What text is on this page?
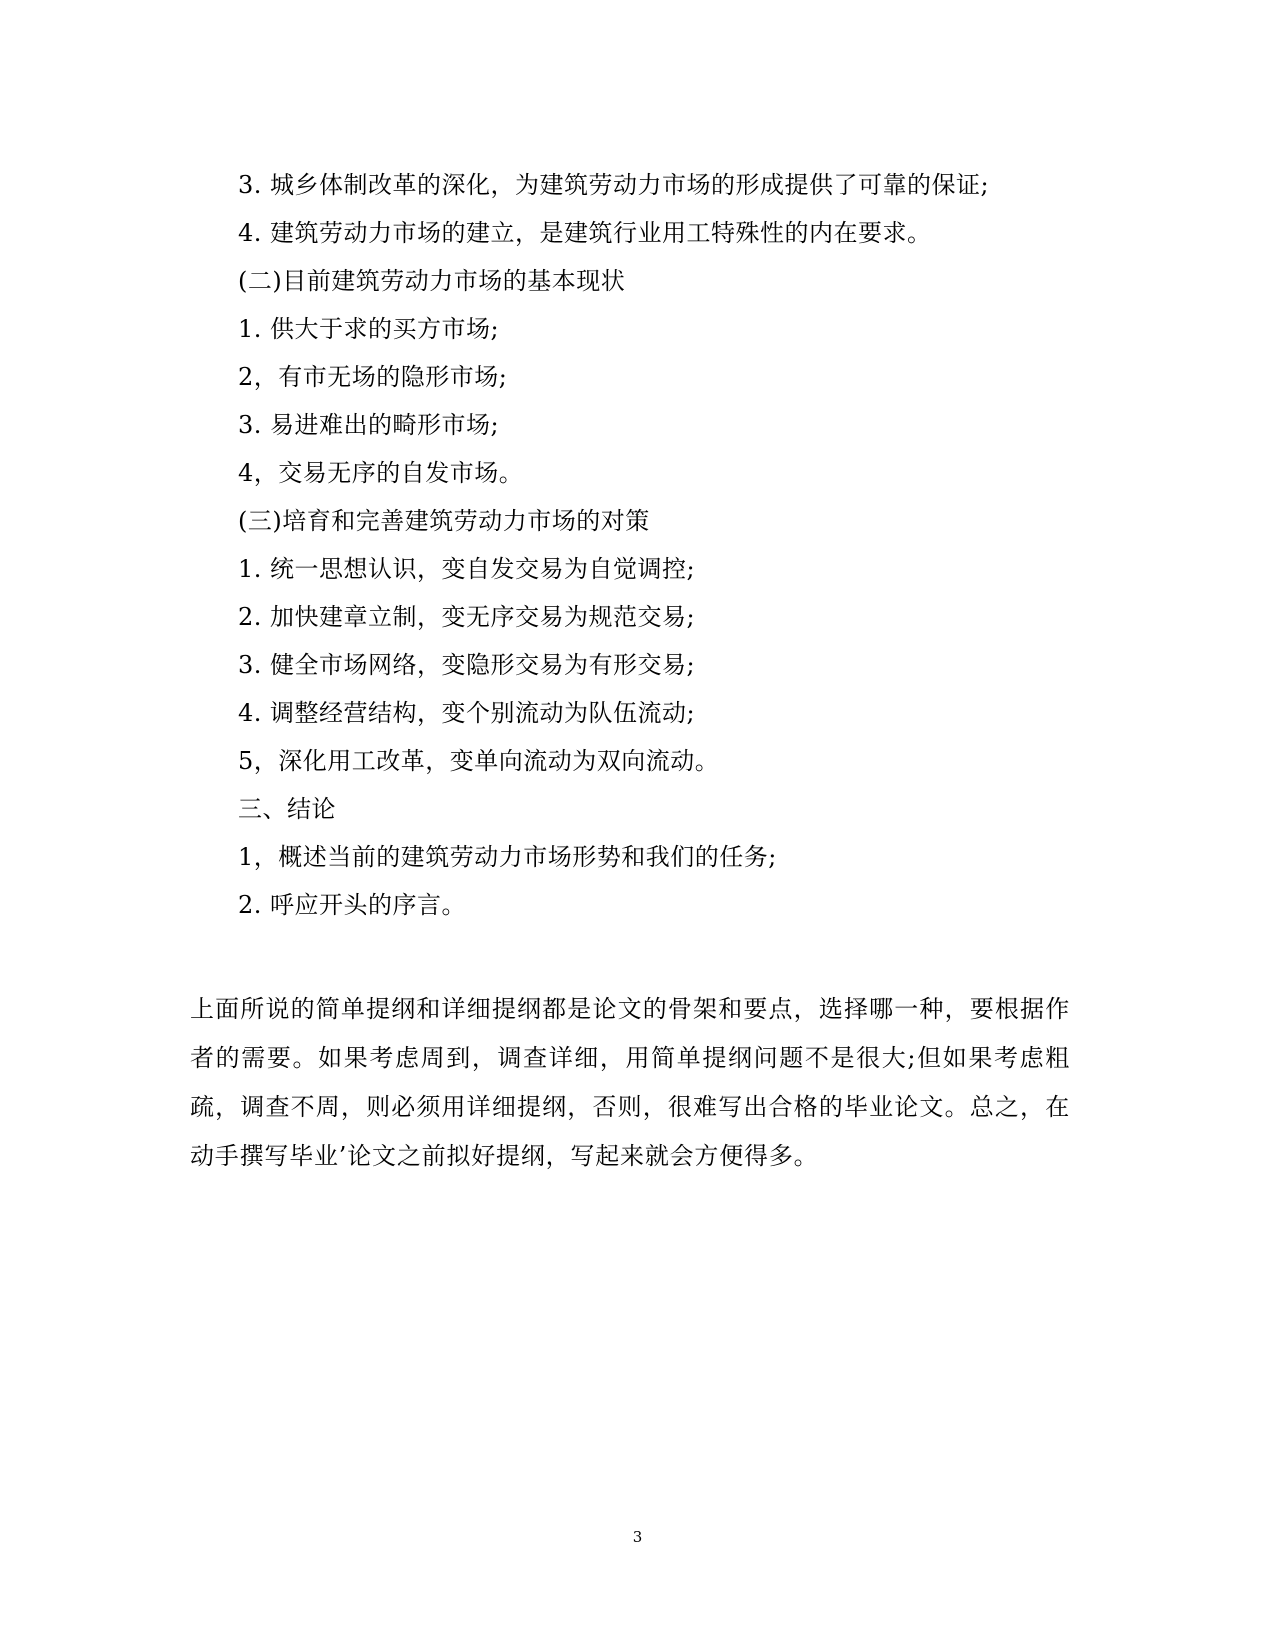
3. 城乡体制改革的深化，为建筑劳动力市场的形成提供了可靠的保证;
4. 建筑劳动力市场的建立，是建筑行业用工特殊性的内在要求。
(二)目前建筑劳动力市场的基本现状
1. 供大于求的买方市场;
2，有市无场的隐形市场;
3. 易进难出的畸形市场;
4，交易无序的自发市场。
(三)培育和完善建筑劳动力市场的对策
1. 统一思想认识，变自发交易为自觉调控;
2. 加快建章立制，变无序交易为规范交易;
3. 健全市场网络，变隐形交易为有形交易;
4. 调整经营结构，变个别流动为队伍流动;
5，深化用工改革，变单向流动为双向流动。
三、结论
1，概述当前的建筑劳动力市场形势和我们的任务;
2. 呼应开头的序言。
上面所说的简单提纲和详细提纲都是论文的骨架和要点，选择哪一种，要根据作者的需要。如果考虑周到，调查详细，用简单提纲问题不是很大;但如果考虑粗疏，调查不周，则必须用详细提纲，否则，很难写出合格的毕业论文。总之，在动手撰写毕业’论文之前拟好提纲，写起来就会方便得多。
3
